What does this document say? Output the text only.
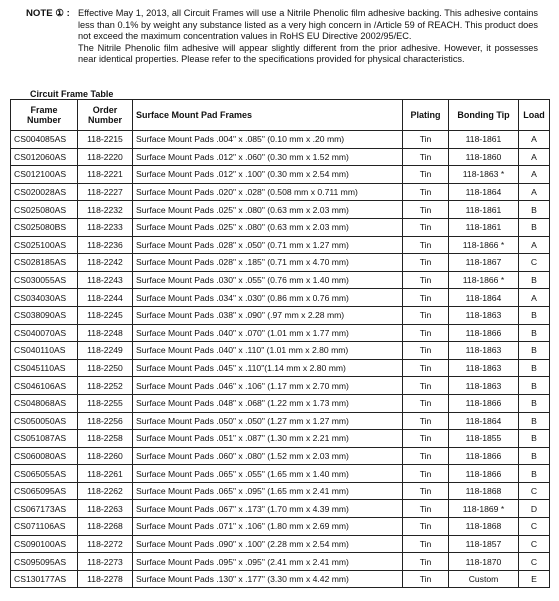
NOTE ① : Effective May 1, 2013, all Circuit Frames will use a Nitrile Phenolic film adhesive backing. This adhesive contains less than 0.1% by weight any substance listed as a very high concern in /Article 59 of REACH. This product does not exceed the maximum concentration values in RoHS EU Directive 2002/95/EC.

The Nitrile Phenolic film adhesive will appear slightly different from the prior adhesive. However, it possesses near identical properties. Please refer to the specifications provided for physical characteristics.

Circuit Frame Table
Frame Number	Order Number	Surface Mount Pad Frames	Plating	Bonding Tip	Load
CS004085AS	118-2215	Surface Mount Pads .004" x .085" (0.10 mm x .20 mm)	Tin	118-1861	A
CS012060AS	118-2220	Surface Mount Pads .012" x .060" (0.30 mm x 1.52 mm)	Tin	118-1860	A
CS012100AS	118-2221	Surface Mount Pads .012" x .100" (0.30 mm x 2.54 mm)	Tin	118-1863 *	A
CS020028AS	118-2227	Surface Mount Pads .020" x .028" (0.508 mm x 0.711 mm)	Tin	118-1864	A
CS025080AS	118-2232	Surface Mount Pads .025" x .080" (0.63 mm x 2.03 mm)	Tin	118-1861	B
CS025080BS	118-2233	Surface Mount Pads .025" x .080" (0.63 mm x 2.03 mm)	Tin	118-1861	B
CS025100AS	118-2236	Surface Mount Pads .028" x .050" (0.71 mm x 1.27 mm)	Tin	118-1866 *	A
CS028185AS	118-2242	Surface Mount Pads .028" x .185" (0.71 mm x 4.70 mm)	Tin	118-1867	C
CS030055AS	118-2243	Surface Mount Pads .030" x .055" (0.76 mm x 1.40 mm)	Tin	118-1866 *	B
CS034030AS	118-2244	Surface Mount Pads .034" x .030" (0.86 mm x 0.76 mm)	Tin	118-1864	A
CS038090AS	118-2245	Surface Mount Pads .038" x .090" (.97 mm x 2.28 mm)	Tin	118-1863	B
CS040070AS	118-2248	Surface Mount Pads .040" x .070" (1.01 mm x 1.77 mm)	Tin	118-1866	B
CS040110AS	118-2249	Surface Mount Pads .040" x .110" (1.01 mm x 2.80 mm)	Tin	118-1863	B
CS045110AS	118-2250	Surface Mount Pads .045" x .110"(1.14 mm x 2.80 mm)	Tin	118-1863	B
CS046106AS	118-2252	Surface Mount Pads .046" x .106" (1.17 mm x 2.70 mm)	Tin	118-1863	B
CS048068AS	118-2255	Surface Mount Pads .048" x .068" (1.22 mm x 1.73 mm)	Tin	118-1866	B
CS050050AS	118-2256	Surface Mount Pads .050" x .050" (1.27 mm x 1.27 mm)	Tin	118-1864	B
CS051087AS	118-2258	Surface Mount Pads .051" x .087" (1.30 mm x 2.21 mm)	Tin	118-1855	B
CS060080AS	118-2260	Surface Mount Pads .060" x .080" (1.52 mm x 2.03 mm)	Tin	118-1866	B
CS065055AS	118-2261	Surface Mount Pads .065" x .055" (1.65 mm x 1.40 mm)	Tin	118-1866	B
CS065095AS	118-2262	Surface Mount Pads .065" x .095" (1.65 mm x 2.41 mm)	Tin	118-1868	C
CS067173AS	118-2263	Surface Mount Pads .067" x .173" (1.70 mm x 4.39 mm)	Tin	118-1869 *	D
CS071106AS	118-2268	Surface Mount Pads .071" x .106" (1.80 mm x 2.69 mm)	Tin	118-1868	C
CS090100AS	118-2272	Surface Mount Pads .090" x .100" (2.28 mm x 2.54 mm)	Tin	118-1857	C
CS095095AS	118-2273	Surface Mount Pads .095" x .095" (2.41 mm x 2.41 mm)	Tin	118-1870	C
CS130177AS	118-2278	Surface Mount Pads .130" x .177" (3.30 mm x 4.42 mm)	Tin	Custom	E
